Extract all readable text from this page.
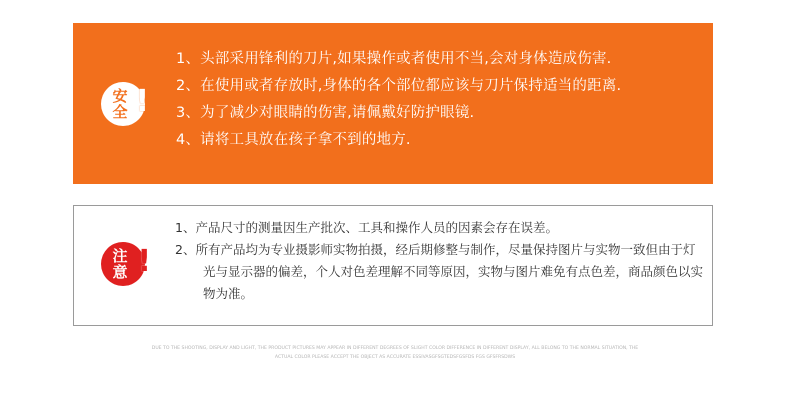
安全 !
1、头部采用锋利的刀片,如果操作或者使用不当,会对身体造成伤害.
2、在使用或者存放时,身体的各个部位都应该与刀片保持适当的距离.
3、为了减少对眼睛的伤害,请佩戴好防护眼镜.
4、请将工具放在孩子拿不到的地方.
注意 !
1、产品尺寸的测量因生产批次、工具和操作人员的因素会存在误差。
2、所有产品均为专业摄影师实物拍摄，经后期修整与制作，尽量保持图片与实物一致但由于灯光与显示器的偏差，个人对色差理解不同等原因，实物与图片难免有点色差，商品颜色以实物为准。
DUE TO THE SHOOTING, DISPLAY AND LIGHT, THE PRODUCT PICTURES MAY APPEAR IN DIFFERENT DEGREES OF SLIGHT COLOR DIFFERENCE IN DIFFERENT DISPLAY, ALL BELONG TO THE NORMAL SITUATION, THE
ACTUAL COLOR PLEASE ACCEPT THE OBJECT AS ACCURATE ESSIVASGFSGTEDSFGSFDS FGS GFSFRSDWS
